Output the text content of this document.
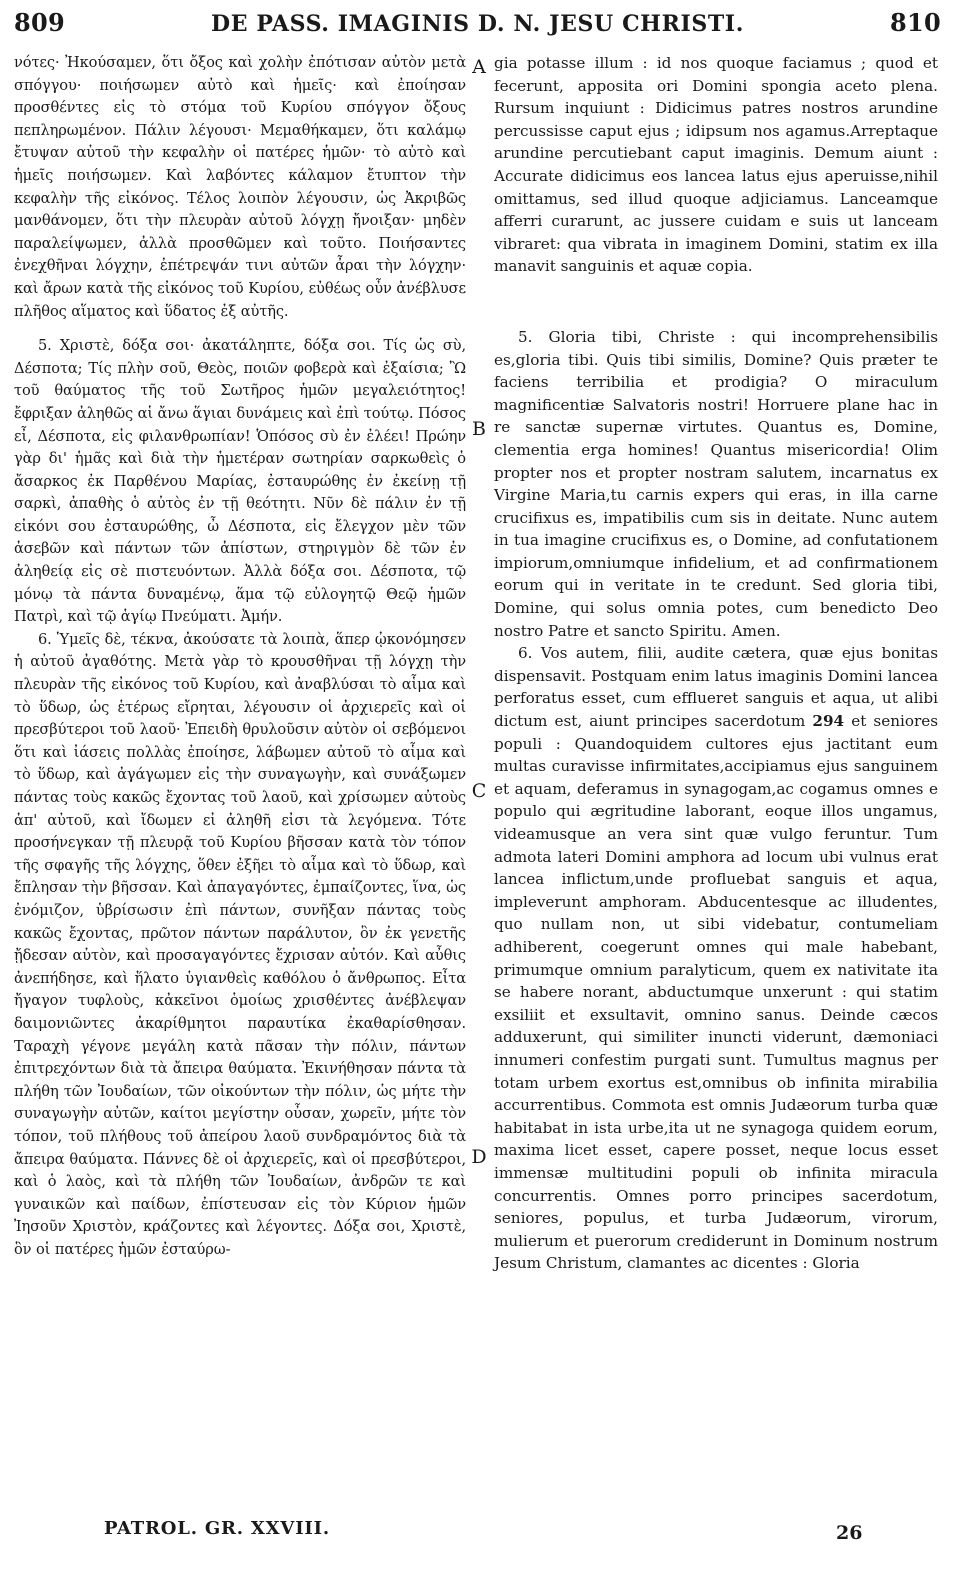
809	DE PASS. IMAGINIS D. N. JESU CHRISTI.	810

νότες· Ἠκούσαμεν, ὅτι ὄξος καὶ χολὴν ἐπότισαν αὐτὸν μετὰ σπόγγου· ποιήσωμεν αὐτὸ καὶ ἡμεῖς· καὶ ἐποίησαν προσθέντες εἰς τὸ στόμα τοῦ Κυρίου σπόγγον ὄξους πεπληρωμένον. Πάλιν λέγουσι· Μεμαθήκαμεν, ὅτι καλάμῳ ἔτυψαν αὐτοῦ τὴν κεφαλὴν οἱ πατέρες ἡμῶν· τὸ αὐτὸ καὶ ἡμεῖς ποιήσωμεν. Καὶ λαβόντες κάλαμον ἔτυπτον τὴν κεφαλὴν τῆς εἰκόνος. Τέλος λοιπὸν λέγουσιν, ὡς Ἀκριβῶς μανθάνομεν, ὅτι τὴν πλευρὰν αὐτοῦ λόγχῃ ἤνοιξαν· μηδὲν παραλείψωμεν, ἀλλὰ προσθῶμεν καὶ τοῦτο. Ποιήσαντες ἐνεχθῆναι λόγχην, ἐπέτρεψάν τινι αὐτῶν ἆραι τὴν λόγχην· καὶ ἄρων κατὰ τῆς εἰκόνος τοῦ Κυρίου, εὐθέως οὖν ἀνέβλυσε πλῆθος αἵματος καὶ ὕδατος ἐξ αὐτῆς.

5. Χριστὲ, δόξα σοι· ἀκατάληπτε, δόξα σοι. Τίς ὡς σὺ, Δέσποτα; Τίς πλὴν σοῦ, Θεὸς, ποιῶν φοβερὰ καὶ ἐξαίσια; Ὢ τοῦ θαύματος τῆς τοῦ Σωτῆρος ἡμῶν μεγαλειότητος! ἔφριξαν ἀληθῶς αἱ ἄνω ἅγιαι δυνάμεις καὶ ἐπὶ τούτῳ. Πόσος εἶ, Δέσποτα, εἰς φιλανθρωπίαν! Ὁπόσος σὺ ἐν ἐλέει! Πρώην γὰρ δι' ἡμᾶς καὶ διὰ τὴν ἡμετέραν σωτηρίαν σαρκωθεὶς ὁ ἄσαρκος ἐκ Παρθένου Μαρίας, ἐσταυρώθης ἐν ἐκείνῃ τῇ σαρκὶ, ἀπαθὴς ὁ αὐτὸς ἐν τῇ θεότητι. Νῦν δὲ πάλιν ἐν τῇ εἰκόνι σου ἐσταυρώθης, ὦ Δέσποτα, εἰς ἔλεγχον μὲν τῶν ἀσεβῶν καὶ πάντων τῶν ἀπίστων, στηριγμὸν δὲ τῶν ἐν ἀληθείᾳ εἰς σὲ πιστευόντων. Ἀλλὰ δόξα σοι. Δέσποτα, τῷ μόνῳ τὰ πάντα δυναμένῳ, ἅμα τῷ εὐλογητῷ Θεῷ ἡμῶν Πατρὶ, καὶ τῷ ἁγίῳ Πνεύματι. Ἀμήν.

6. Ὑμεῖς δὲ, τέκνα, ἀκούσατε τὰ λοιπὰ, ἅπερ ᾠκονόμησεν ἡ αὐτοῦ ἀγαθότης. Μετὰ γὰρ τὸ κρουσθῆναι τῇ λόγχῃ τὴν πλευρὰν τῆς εἰκόνος τοῦ Κυρίου, καὶ ἀναβλύσαι τὸ αἷμα καὶ τὸ ὕδωρ, ὡς ἑτέρως εἴρηται, λέγουσιν οἱ ἀρχιερεῖς καὶ οἱ πρεσβύτεροι τοῦ λαοῦ· Ἐπειδὴ θρυλοῦσιν αὐτὸν οἱ σεβόμενοι ὅτι καὶ ἰάσεις πολλὰς ἐποίησε, λάβωμεν αὐτοῦ τὸ αἷμα καὶ τὸ ὕδωρ, καὶ ἀγάγωμεν εἰς τὴν συναγωγὴν, καὶ συνάξωμεν πάντας τοὺς κακῶς ἔχοντας τοῦ λαοῦ, καὶ χρίσωμεν αὐτοὺς ἀπ' αὐτοῦ, καὶ ἴδωμεν εἰ ἀληθῆ εἰσι τὰ λεγόμενα. Τότε προσήνεγκαν τῇ πλευρᾷ τοῦ Κυρίου βῆσσαν κατὰ τὸν τόπον τῆς σφαγῆς τῆς λόγχης, ὅθεν ἐξῆει τὸ αἷμα καὶ τὸ ὕδωρ, καὶ ἔπλησαν τὴν βῆσσαν. Καὶ ἀπαγαγόντες, ἐμπαίζοντες, ἵνα, ὡς ἐνόμιζον, ὑβρίσωσιν ἐπὶ πάντων, συνῆξαν πάντας τοὺς κακῶς ἔχοντας, πρῶτον πάντων παράλυτον, ὃν ἐκ γενετῆς ᾔδεσαν αὐτὸν, καὶ προσαγαγόντες ἔχρισαν αὐτόν. Καὶ αὖθις ἀνεπήδησε, καὶ ἥλατο ὑγιανθεὶς καθόλου ὁ ἄνθρωπος. Εἶτα ἤγαγον τυφλοὺς, κἀκεῖνοι ὁμοίως χρισθέντες ἀνέβλεψαν δαιμονιῶντες ἀκαρίθμητοι παραυτίκα ἐκαθαρίσθησαν. Ταραχὴ γέγονε μεγάλη κατὰ πᾶσαν τὴν πόλιν, πάντων ἐπιτρεχόντων διὰ τὰ ἄπειρα θαύματα. Ἐκινήθησαν πάντα τὰ πλήθη τῶν Ἰουδαίων, τῶν οἰκούντων τὴν πόλιν, ὡς μήτε τὴν συναγωγὴν αὐτῶν, καίτοι μεγίστην οὖσαν, χωρεῖν, μήτε τὸν τόπον, τοῦ πλήθους τοῦ ἀπείρου λαοῦ συνδραμόντος διὰ τὰ ἄπειρα θαύματα. Πάννες δὲ οἱ ἀρχιερεῖς, καὶ οἱ πρεσβύτεροι, καὶ ὁ λαὸς, καὶ τὰ πλήθη τῶν Ἰουδαίων, ἀνδρῶν τε καὶ γυναικῶν καὶ παίδων, ἐπίστευσαν εἰς τὸν Κύριον ἡμῶν Ἰησοῦν Χριστὸν, κράζοντες καὶ λέγοντες. Δόξα σοι, Χριστὲ, ὃν οἱ πατέρες ἡμῶν ἐσταύρω-

A
B
C
D

gia potasse illum : id nos quoque faciamus ; quod et fecerunt, apposita ori Domini spongia aceto plena. Rursum inquiunt : Didicimus patres nostros arundine percussisse caput ejus ; idipsum nos agamus.Arreptaque arundine percutiebant caput imaginis. Demum aiunt : Accurate didicimus eos lancea latus ejus aperuisse,nihil omittamus, sed illud quoque adjiciamus. Lanceamque afferri curarunt, ac jussere cuidam e suis ut lanceam vibraret: qua vibrata in imaginem Domini, statim ex illa manavit sanguinis et aquæ copia.

5. Gloria tibi, Christe : qui incomprehensibilis es,gloria tibi. Quis tibi similis, Domine? Quis præter te faciens terribilia et prodigia? O miraculum magnificentiæ Salvatoris nostri! Horruere plane hac in re sanctæ supernæ virtutes. Quantus es, Domine, clementia erga homines! Quantus misericordia! Olim propter nos et propter nostram salutem, incarnatus ex Virgine Maria,tu carnis expers qui eras, in illa carne crucifixus es, impatibilis cum sis in deitate. Nunc autem in tua imagine crucifixus es, o Domine, ad confutationem impiorum,omniumque infidelium, et ad confirmationem eorum qui in veritate in te credunt. Sed gloria tibi, Domine, qui solus omnia potes, cum benedicto Deo nostro Patre et sancto Spiritu. Amen.

6. Vos autem, filii, audite cætera, quæ ejus bonitas dispensavit. Postquam enim latus imaginis Domini lancea perforatus esset, cum efflueret sanguis et aqua, ut alibi dictum est, aiunt principes sacerdotum 294 et seniores populi : Quandoquidem cultores ejus jactitant eum multas curavisse infirmitates,accipiamus ejus sanguinem et aquam, deferamus in synagogam,ac cogamus omnes e populo qui ægritudine laborant, eoque illos ungamus, videamusque an vera sint quæ vulgo feruntur. Tum admota lateri Domini amphora ad locum ubi vulnus erat lancea inflictum,unde profluebat sanguis et aqua, impleverunt amphoram. Abducentesque ac illudentes, quo nullam non, ut sibi videbatur, contumeliam adhiberent, coegerunt omnes qui male habebant, primumque omnium paralyticum, quem ex nativitate ita se habere norant, abductumque unxerunt : qui statim exsiliit et exsultavit, omnino sanus. Deinde cæcos adduxerunt, qui similiter inuncti viderunt, dæmoniaci innumeri confestim purgati sunt. Tumultus magnus per totam urbem exortus est,omnibus ob infinita mirabilia accurrentibus. Commota est omnis Judæorum turba quæ habitabat in ista urbe,ita ut ne synagoga quidem eorum, maxima licet esset, capere posset, neque locus esset immensæ multitudini populi ob infinita miracula concurrentis. Omnes porro principes sacerdotum, seniores, populus, et turba Judæorum, virorum, mulierum et puerorum crediderunt in Dominum nostrum Jesum Christum, clamantes ac dicentes : Gloria

PATROL. GR. XXVIII.	26
